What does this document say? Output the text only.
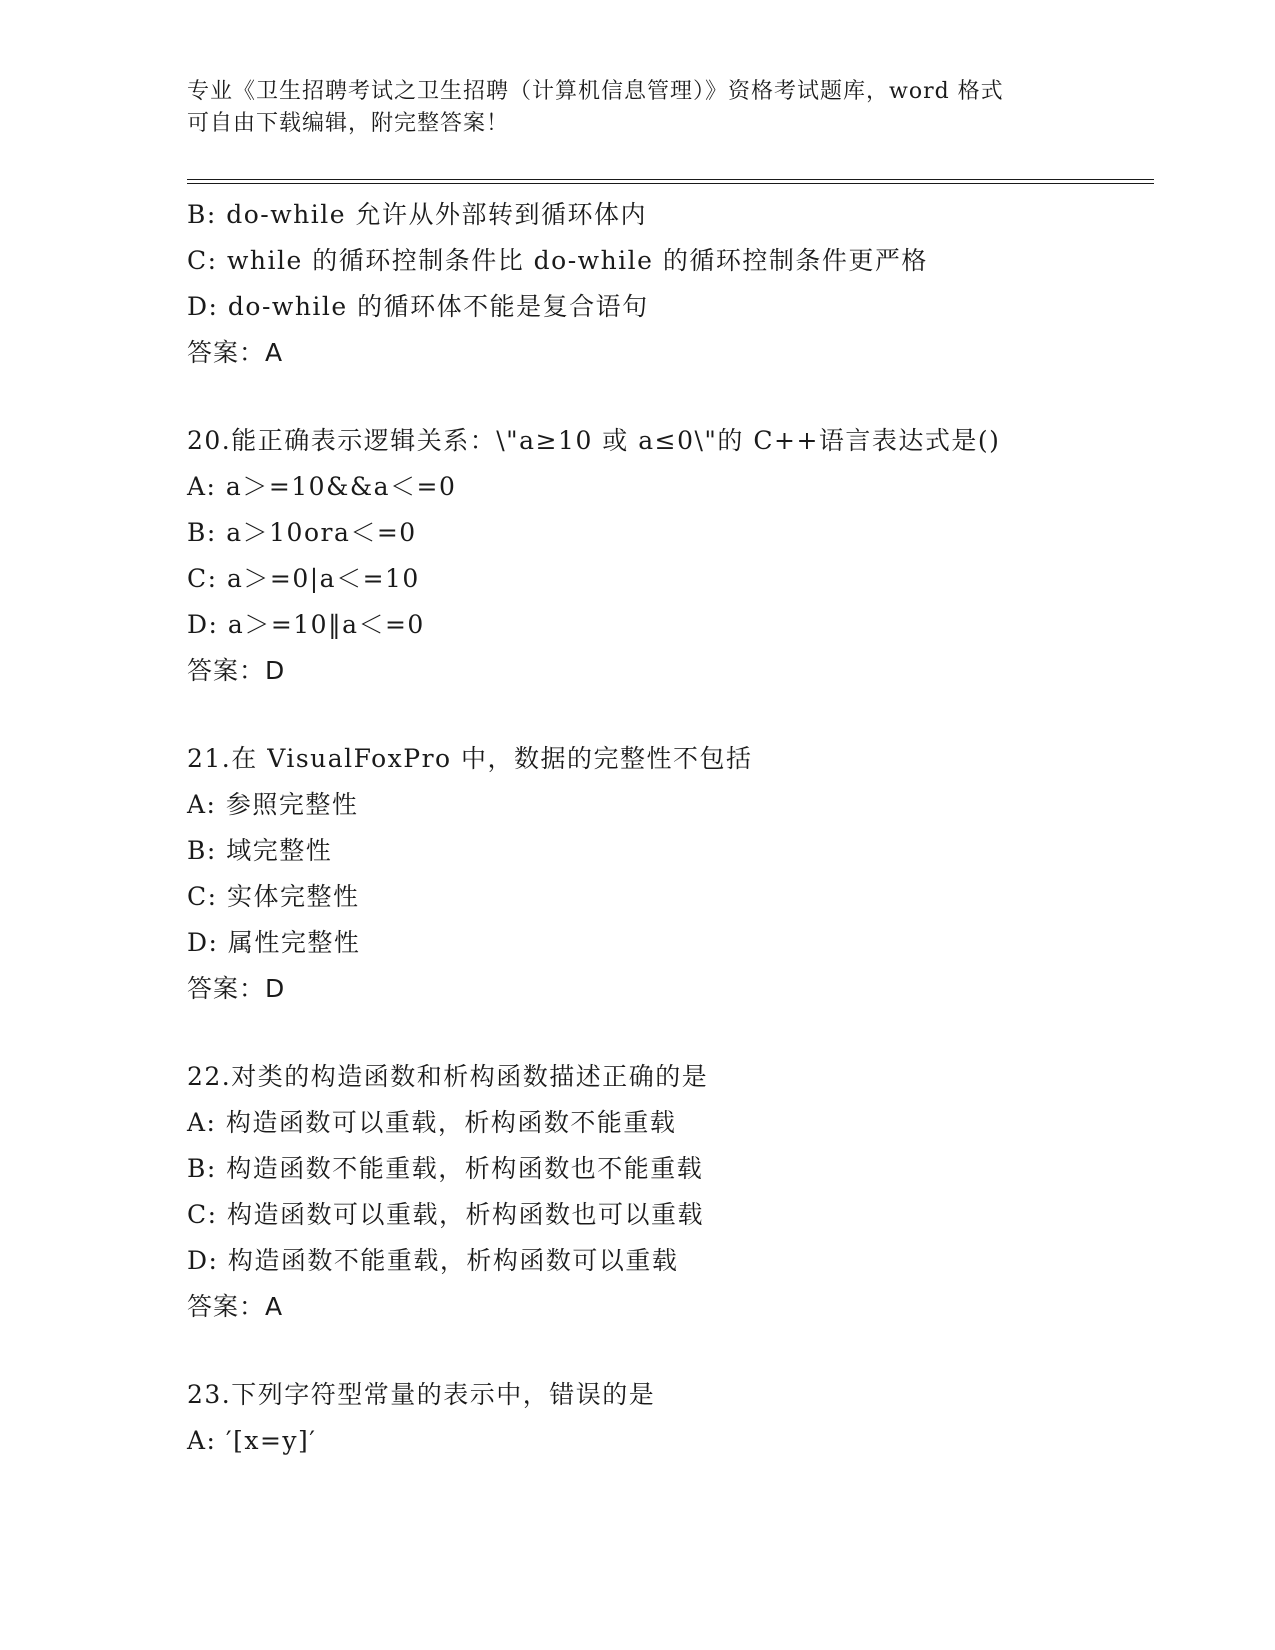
专业《卫生招聘考试之卫生招聘（计算机信息管理）》资格考试题库，word 格式
可自由下载编辑，附完整答案！
B: do-while 允许从外部转到循环体内
C: while 的循环控制条件比 do-while 的循环控制条件更严格
D: do-while 的循环体不能是复合语句
答案：A
20.能正确表示逻辑关系：\"a≥10 或 a≤0\"的 C++语言表达式是()
A: a＞=10&&a＜=0
B: a＞10ora＜=0
C: a＞=0|a＜=10
D: a＞=10‖a＜=0
答案：D
21.在 VisualFoxPro 中，数据的完整性不包括
A: 参照完整性
B: 域完整性
C: 实体完整性
D: 属性完整性
答案：D
22.对类的构造函数和析构函数描述正确的是
A: 构造函数可以重载，析构函数不能重载
B: 构造函数不能重载，析构函数也不能重载
C: 构造函数可以重载，析构函数也可以重载
D: 构造函数不能重载，析构函数可以重载
答案：A
23.下列字符型常量的表示中，错误的是
A: ′[x=y]′
